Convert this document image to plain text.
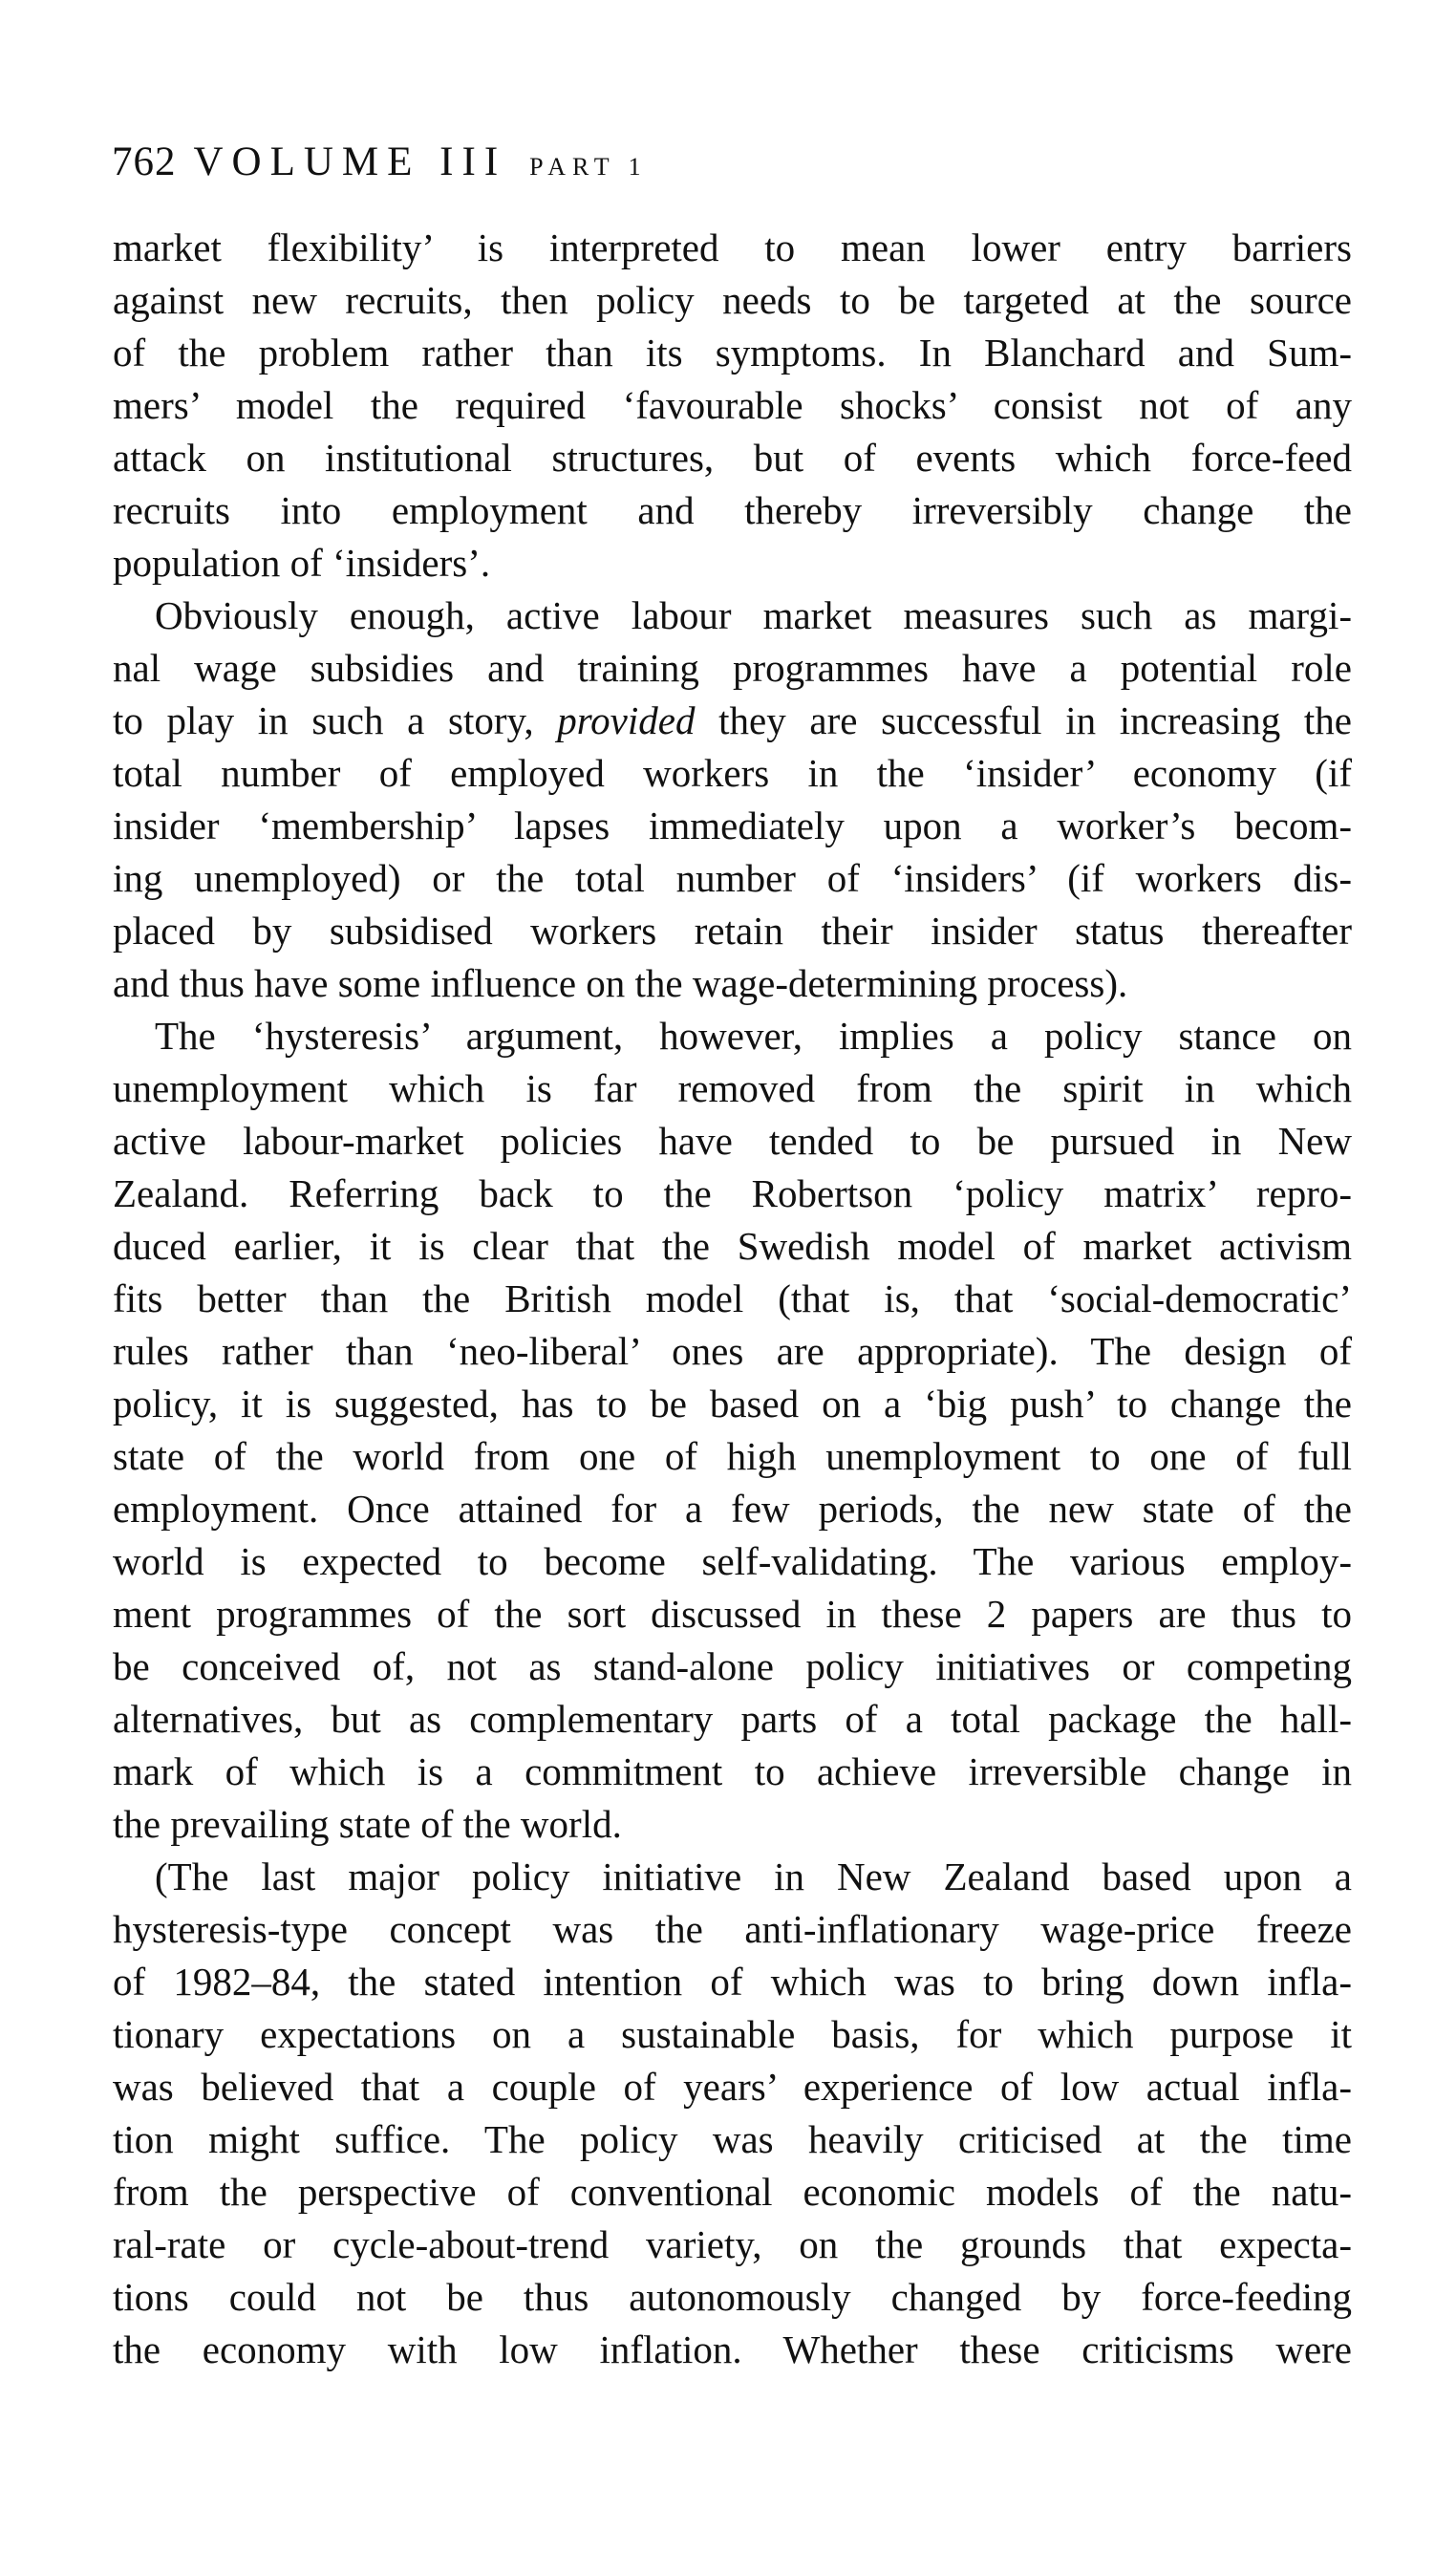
762 VOLUME III PART 1

market flexibility’ is interpreted to mean lower entry barriers
against new recruits, then policy needs to be targeted at the source
of the problem rather than its symptoms. In Blanchard and Sum-
mers’ model the required ‘favourable shocks’ consist not of any
attack on institutional structures, but of events which force-feed
recruits into employment and thereby irreversibly change the
population of ‘insiders’.

Obviously enough, active labour market measures such as margi-
nal wage subsidies and training programmes have a potential role
to play in such a story, provided they are successful in increasing the
total number of employed workers in the ‘insider’ economy (if
insider ‘membership’ lapses immediately upon a worker’s becom-
ing unemployed) or the total number of ‘insiders’ (if workers dis-
placed by subsidised workers retain their insider status thereafter
and thus have some influence on the wage-determining process).

The ‘hysteresis’ argument, however, implies a policy stance on
unemployment which is far removed from the spirit in which
active labour-market policies have tended to be pursued in New
Zealand. Referring back to the Robertson ‘policy matrix’ repro-
duced earlier, it is clear that the Swedish model of market activism
fits better than the British model (that is, that ‘social-democratic’
rules rather than ‘neo-liberal’ ones are appropriate). The design of
policy, it is suggested, has to be based on a ‘big push’ to change the
state of the world from one of high unemployment to one of full
employment. Once attained for a few periods, the new state of the
world is expected to become self-validating. The various employ-
ment programmes of the sort discussed in these 2 papers are thus to
be conceived of, not as stand-alone policy initiatives or competing
alternatives, but as complementary parts of a total package the hall-
mark of which is a commitment to achieve irreversible change in
the prevailing state of the world.

(The last major policy initiative in New Zealand based upon a
hysteresis-type concept was the anti-inflationary wage-price freeze
of 1982–84, the stated intention of which was to bring down infla-
tionary expectations on a sustainable basis, for which purpose it
was believed that a couple of years’ experience of low actual infla-
tion might suffice. The policy was heavily criticised at the time
from the perspective of conventional economic models of the natu-
ral-rate or cycle-about-trend variety, on the grounds that expecta-
tions could not be thus autonomously changed by force-feeding
the economy with low inflation. Whether these criticisms were
